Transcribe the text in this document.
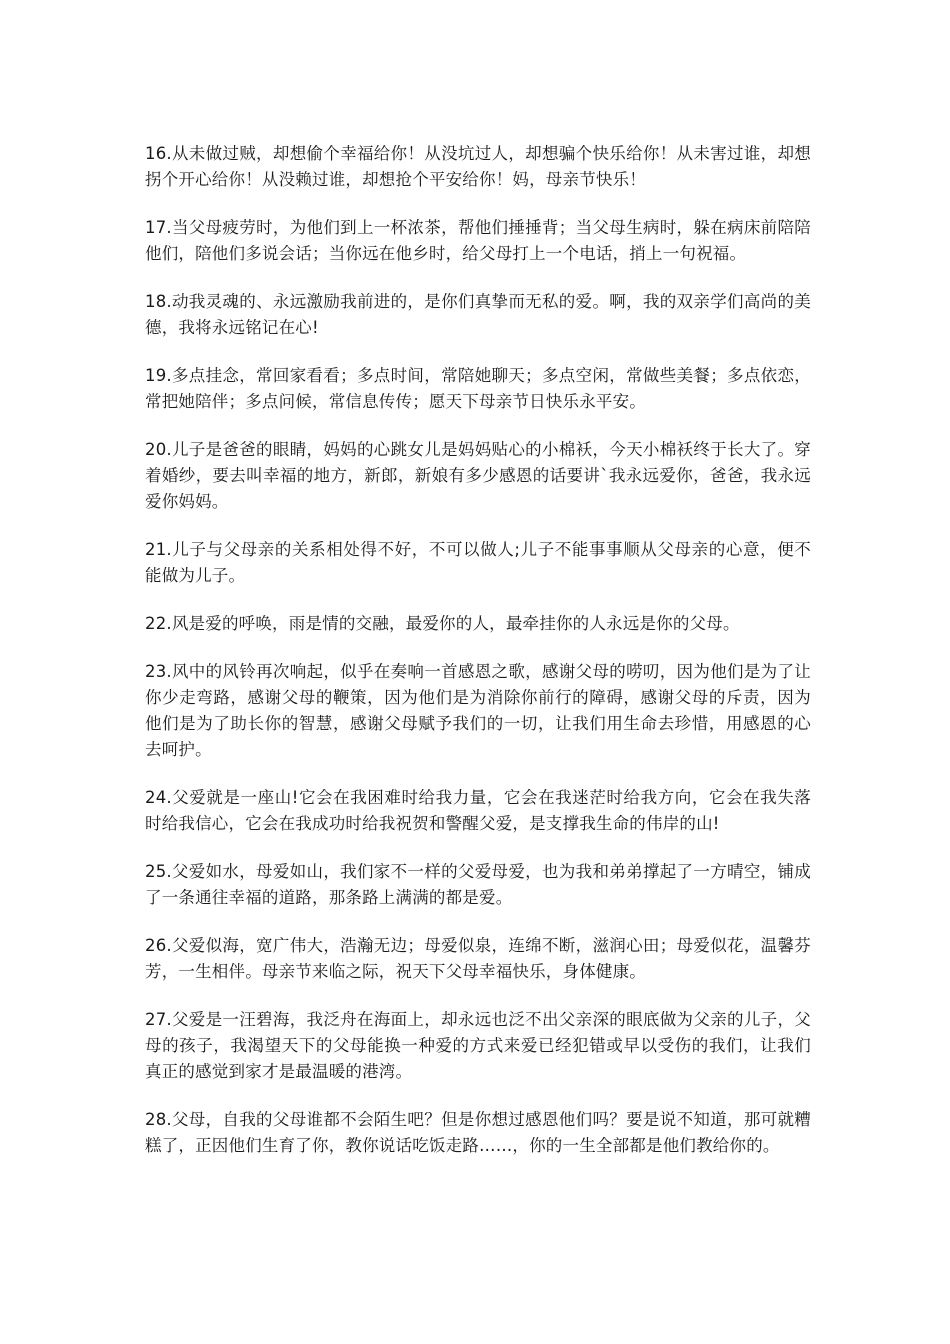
16.从未做过贼，却想偷个幸福给你！从没坑过人，却想骗个快乐给你！从未害过谁，却想拐个开心给你！从没赖过谁，却想抢个平安给你！妈，母亲节快乐！

17.当父母疲劳时，为他们到上一杯浓茶，帮他们捶捶背；当父母生病时，躲在病床前陪陪他们，陪他们多说会话；当你远在他乡时，给父母打上一个电话，捎上一句祝福。

18.动我灵魂的、永远激励我前进的，是你们真挚而无私的爱。啊，我的双亲学们高尚的美德，我将永远铭记在心!

19.多点挂念，常回家看看；多点时间，常陪她聊天；多点空闲，常做些美餐；多点依恋，常把她陪伴；多点问候，常信息传传；愿天下母亲节日快乐永平安。

20.儿子是爸爸的眼睛，妈妈的心跳女儿是妈妈贴心的小棉袄，今天小棉袄终于长大了。穿着婚纱，要去叫幸福的地方，新郎，新娘有多少感恩的话要讲`我永远爱你，爸爸，我永远爱你妈妈。

21.儿子与父母亲的关系相处得不好，不可以做人;儿子不能事事顺从父母亲的心意，便不能做为儿子。

22.风是爱的呼唤，雨是情的交融，最爱你的人，最牵挂你的人永远是你的父母。

23.风中的风铃再次响起，似乎在奏响一首感恩之歌，感谢父母的唠叨，因为他们是为了让你少走弯路，感谢父母的鞭策，因为他们是为消除你前行的障碍，感谢父母的斥责，因为他们是为了助长你的智慧，感谢父母赋予我们的一切，让我们用生命去珍惜，用感恩的心去呵护。

24.父爱就是一座山!它会在我困难时给我力量，它会在我迷茫时给我方向，它会在我失落时给我信心，它会在我成功时给我祝贺和警醒父爱，是支撑我生命的伟岸的山!

25.父爱如水，母爱如山，我们家不一样的父爱母爱，也为我和弟弟撑起了一方晴空，铺成了一条通往幸福的道路，那条路上满满的都是爱。

26.父爱似海，宽广伟大，浩瀚无边；母爱似泉，连绵不断，滋润心田；母爱似花，温馨芬芳，一生相伴。母亲节来临之际，祝天下父母幸福快乐，身体健康。

27.父爱是一汪碧海，我泛舟在海面上，却永远也泛不出父亲深的眼底做为父亲的儿子，父母的孩子，我渴望天下的父母能换一种爱的方式来爱已经犯错或早以受伤的我们，让我们真正的感觉到家才是最温暖的港湾。

28.父母，自我的父母谁都不会陌生吧？但是你想过感恩他们吗？要是说不知道，那可就糟糕了，正因他们生育了你，教你说话吃饭走路……，你的一生全部都是他们教给你的。
